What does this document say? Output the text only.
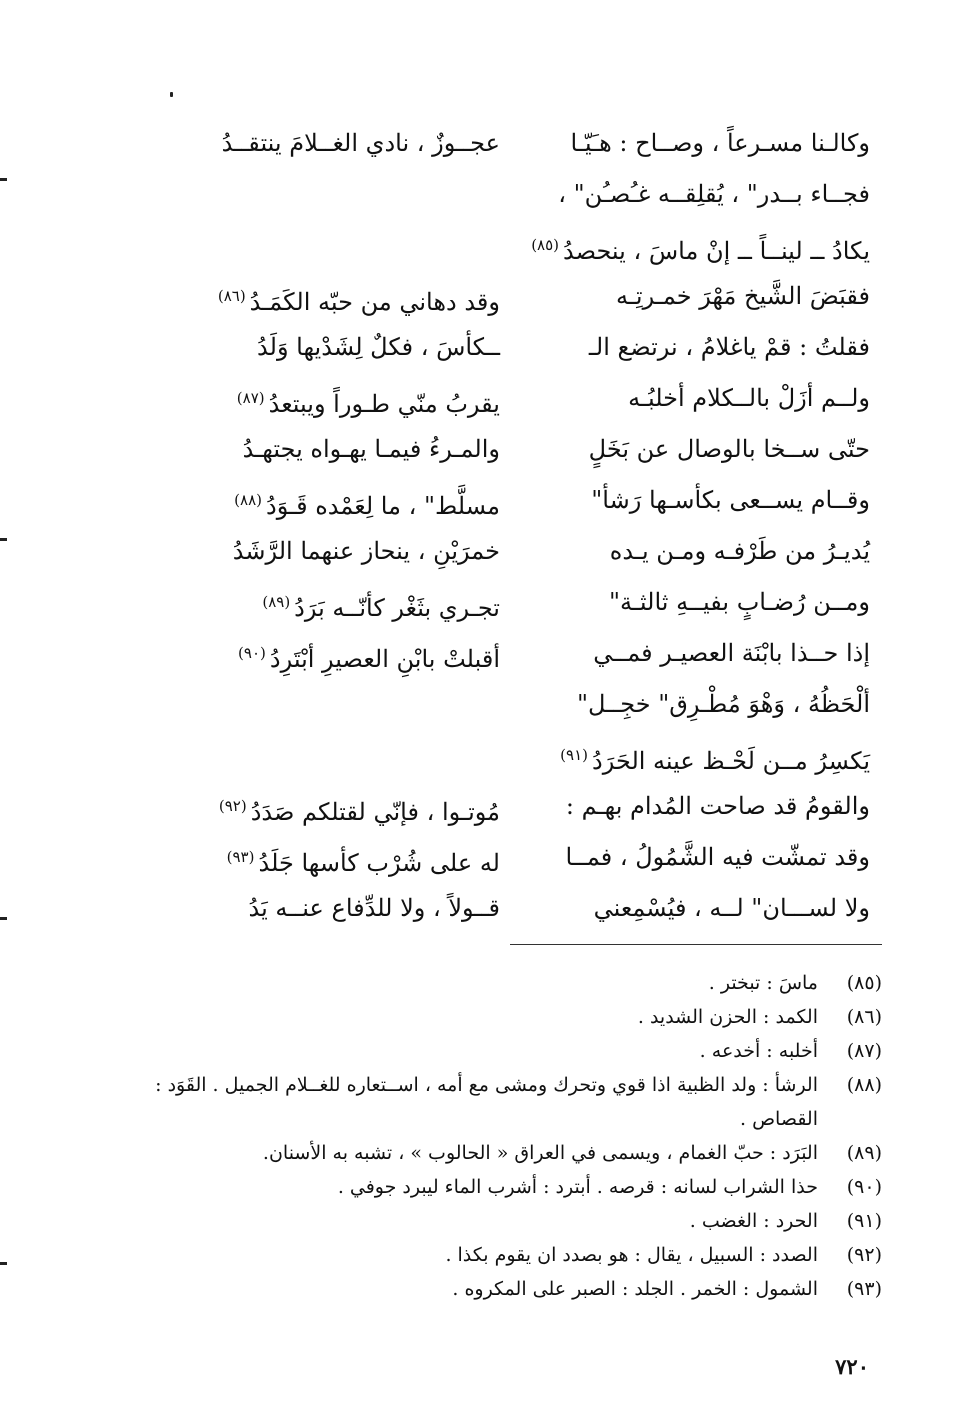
وكالـنا مسـرعاً ، وصــاح : هـَيّـا
عجــوزٌ ، نادي الغــلامَ ينتقــدُ
فجــاء بــدر" ، يُقلِقــه غـُصـُن" ،
يكادُ ــ لينــاً ــ إنْ ماسَ ، ينحصدُ$^{(٨٥)}$
فقبَضَ الشَّيخ مَهْرَ خمـرتِـه
وقد دهاني من حبّه الكَمَـدُ$^{(٨٦)}$
فقلتُ : قمْ ياغلامُ ، نرتضع الـ
ــكأسَ ، فكلٌ لِشَدْيها وَلَدُ
ولــم أزَلْ بالــكلام أخلبُـه
يقربُ منّي طـوراً ويبتعدُ$^{(٨٧)}$
حتّى ســخا بالوصال عن بَخَلٍ
والمـرءُ فيمـا يهـواه يجتهـدُ
وقــام يســعى بكأسـها رَشأ"
مسلَّط" ، ما لِعَمْده قَـوَدُ$^{(٨٨)}$
يُديـرُ من طَرْفـه ومـن يـده
خمرَيْنِ ، ينحاز عنهما الرَّشَدُ
ومــن رُضـابٍ بفيــهِ ثالثـة"
تجـري بثَغْر كأنّــه بَرَدُ$^{(٨٩)}$
إذا حــذا بابْنَة العصيـر فمــي
أقبلتْ بابْنِ العصيرِ أبْتَرِدُ$^{(٩٠)}$
ألْحَظُهُ ، وَهْوَ مُطْـرِق" خجِــل"
يَكسِرُ مــن لَحْـظ عينه الحَرَدُ$^{(٩١)}$
والقومُ قد صاحت المُدام بهـم :
مُوتـوا ، فإنّي لقتلكم صَدَدُ$^{(٩٢)}$
وقد تمشّت فيه الشَّمُولُ ، فمــا
له على شُرْب كأسها جَلَدُ$^{(٩٣)}$
ولا لســـان" لــه ، فيُسْمِعني
قــولاً ، ولا للدِّفاع عنــه يَدُ
(٨٥)
ماسَ : تبختر .
(٨٦)
الكمد : الحزن الشديد .
(٨٧)
أخلبه : أخدعه .
(٨٨)
الرشأ : ولد الظبية اذا قوي وتحرك ومشى مع أمه ، اســتعاره للغــلام الجميل . القَوَد : القصاص .
(٨٩)
البَرَد : حبّ الغمام ، ويسمى في العراق « الحالوب » ، تشبه به الأسنان.
(٩٠)
حذا الشراب لسانه : قرصه . أبترد : أشرب الماء ليبرد جوفي .
(٩١)
الحرد : الغضب .
(٩٢)
الصدد : السبيل ، يقال : هو بصدد ان يقوم بكذا .
(٩٣)
الشمول : الخمر . الجلد : الصبر على المكروه .
٧٢٠
